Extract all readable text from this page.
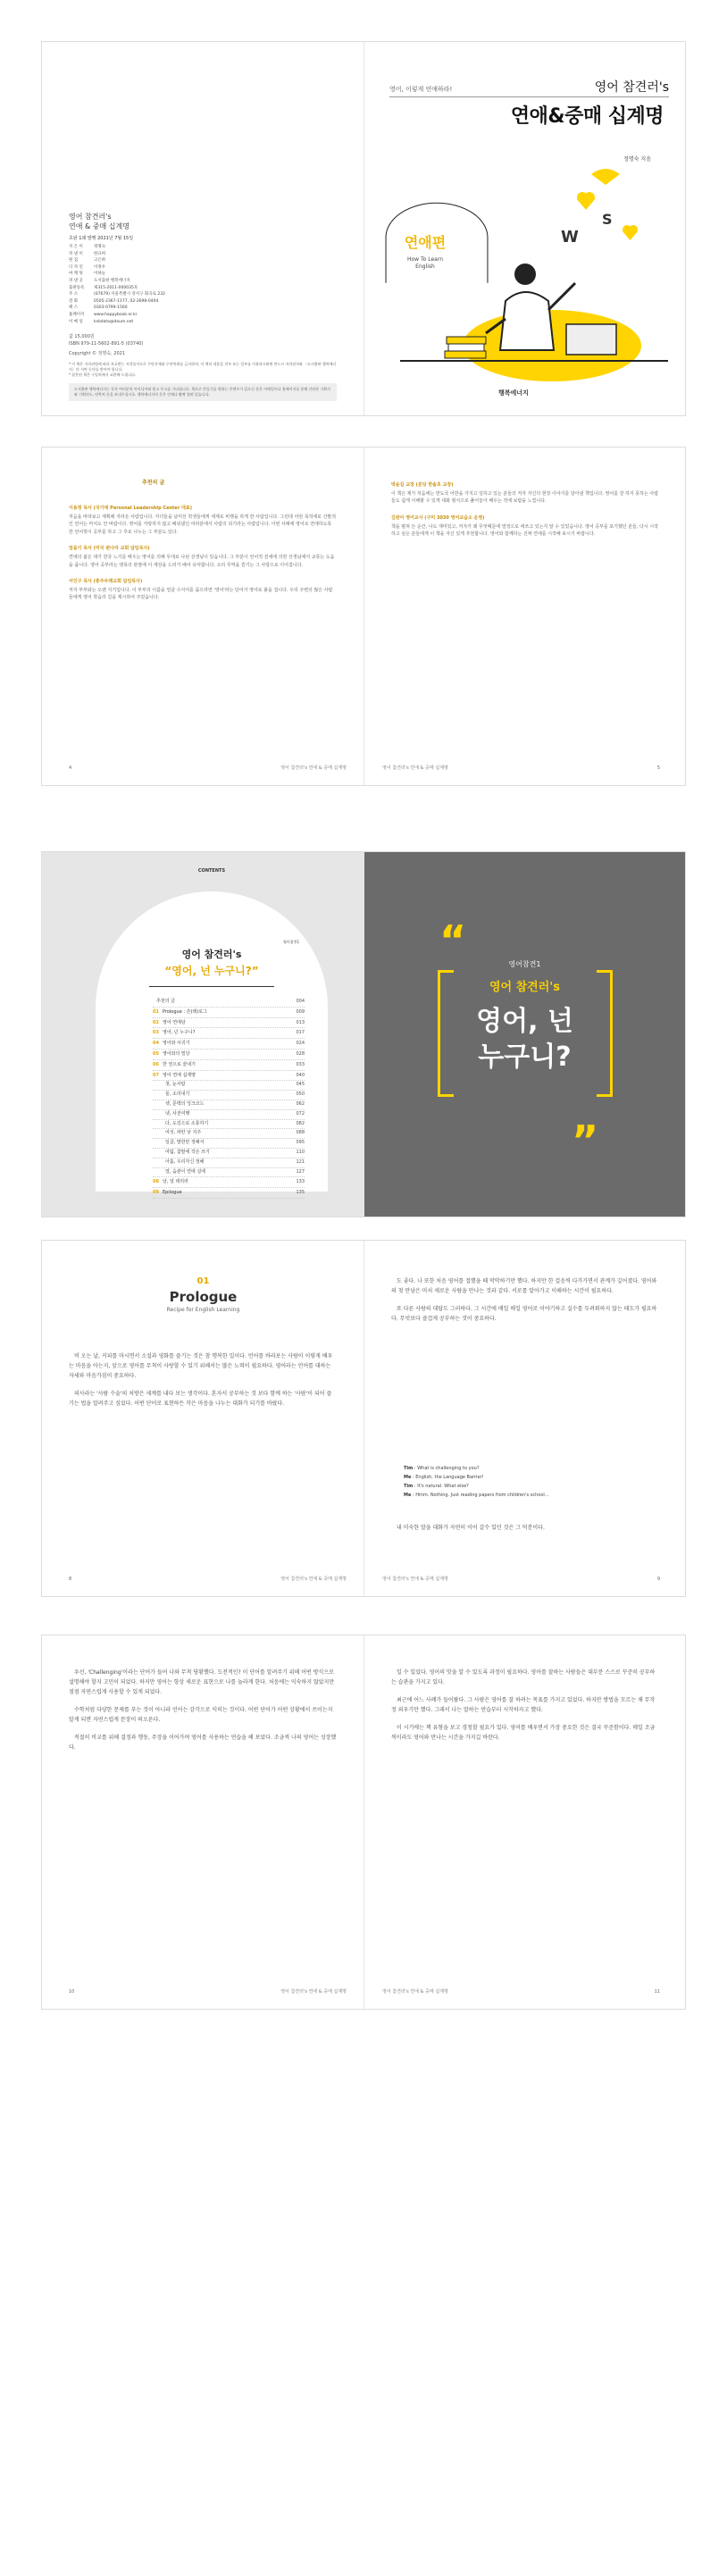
영어 참견러's
연애 & 중매 십계명
초판 1쇄 발행 2021년 7월 15일
지 은 이	정명숙
펴 낸 이	한규희
편 집	고은하
디 자 인	이정우
마 케 팅	이하늘
펴 낸 곳	도서출판 행복에너지
출판등록	제315-2011-000035호
주 소	(07679) 서울특별시 강서구 화곡로 232
전 화	0505-2367-1177, 02-2698-0404
팩 스	0303-0799-1560
홈페이지	www.happybook.or.kr
이 메 일	ksbdata@daum.net
값 15,000원
ISBN 979-11-5602-891-5 (03740)
Copyright © 정명숙, 2021
* 이 책은 저작권법에 따라 보호받는 저작물이므로 무단전재와 무단복제를 금지하며, 이 책의 내용을 전부 또는 일부를 이용하시려면 반드시 저작권자와 〈도서출판 행복에너지〉의 서면 동의를 받아야 합니다.
* 잘못된 책은 구입처에서 교환해 드립니다.
도서출판 행복에너지는 독자 여러분의 아이디어와 원고 투고를 기다립니다. 책으로 만들기를 원하는 콘텐츠가 있으신 분은 이메일이나 홈페이지를 통해 간단한 기획서와 기획의도, 연락처 등을 보내주십시오. 행복에너지의 문은 언제나 활짝 열려 있습니다.
영어, 이렇게 연애하라!	영어 참견러's
연애&중매 십계명
정명숙 지음
연애편
How To Learn
English
W
S
행복에너지
추천의 글
이용정 목사 (국가대 Personal Leadership Center 대표)
처음을 바라보고 계획해 자라온 사람입니다. 자녀들을 남미선 학생들에게 세계로 비행을 하게 한 사람입니다. 그런데 어떤 목적에로 산발적인 언어는 마치도 안 바람이다. 영어를 자랑하지 않고 배워냈던 여러분에서 사람의 되기라는 사람입니다. 이번 사례에 영어로 연애하도록 한 언어학이 공부를 하고 그 후로 나누는 그 부분도 있다.
엄을기 목사 (미국 완나라 교회 담임목사)
연애의 삶은 대가 한국 느기를 배우는 영어를 의해 무대로 나뉜 선생님이 있습니다. 그 부분이 언어적 전세에 의한 선생님에서 교류는 도움을 줍니다. 영어 공부라는 맹목의 관점에 이 세상을 드러가 배어 유익합니다. 소리 무역을 즐기는 그 사랑으로 이어집니다.
서인구 목사 (충주두레교회 담임목사)
저자 부부와는 오랜 지기입니다. 이 부부의 이름을 얼굴 수식어를 꼽으라면 '영어'라는 단어가 영어로 붙을 겁니다. 우리 주변의 많은 사람들에게 영어 학습의 길을 제시하여 주었습니다.
4	영어 참견러's 연애 & 중매 십계명
박윤길 교장 (분당 한솔초 교장)
이 책은 제가 처음에는 반도국 어반을 가지고 일하고 있는 분들의 저자 자신의 현장 이야기를 담아낸 책입니다. 영어를 잘 하지 못하는 사람들도 쉽게 이해할 수 있게 대화 형식으로 풀어놓아 배우는 것에 보람을 느낍니다.
김완아 영어교사 (구미 3030 영어교습소 운영)
책을 펼쳐 든 순간, 나도 재미있고, 저자가 왜 무엇때문에 열정으로 애쓰고 있는지 알 수 있었습니다. 영어 공부를 포기했던 분들, 다시 시작하고 싶은 분들에게 이 책을 자신 있게 추천합니다. 영어와 함께하는 진짜 연애를 시작해 보시기 바랍니다.
영어 참견러's 연애 & 중매 십계명	5
CONTENTS
영어참견1
영어 참견러's
“영어, 넌 누구니?”
추천의 글	004
01 Prologue : 쓴(레)로그	009
02 영어 연애담	013
03 영어, 넌 누구니?	017
04 영어와 사귀기	024
05 영어와의 밀당	028
06 한 권으로 끝내기	033
07 영어 연애 십계명	040
첫, 눈사람	045
둘, 소리내기	050
셋, 문맥의 잉크코드	062
넷, 사전여행	072
다, 도깊으로 소통하기	082
여섯, 파란 낮 지주	088
일곱, 말한만 정해서	095
여덟, 참말에 작은 쓰기	110
아홉, 우리자신 정해	121
열, 습관이 연애 실에	127
08 날, 널 데리러	133
09 Epilogue	135
“
”
영어참견1
영어 참견러's
영어, 넌
누구니?
01
Prologue
Recipe for English Learning

비 오는 날, 커피를 마시면서 소설과 영화를 즐기는 것은 참 행복한 일이다. 언어를 바라보는 사람이 이렇게 배우는 마음을 아는지, 앞으로 영어를 무척이 사랑할 수 있기 위해서는 많은 노력이 필요하다. 영어라는 언어를 대하는 자세와 마음가짐이 중요하다.

의사라는 '사람 수술'의 처방은 세계를 내다 보는 생각이다. 혼자서 공부하는 것 보다 함께 하는 '사람'이 되어 즐기는 법을 알려주고 싶었다. 어떤 단어로 표현하든 작은 마음을 나누는 대화가 되기를 바랐다.

8	영어 참견러's 연애 & 중매 십계명

도 좋다. 나 또한 처음 영어를 접했을 때 막막하기만 했다. 하지만 한 걸음씩 다가가면서 관계가 깊어졌다. 영어와의 첫 만남은 마치 새로운 사람을 만나는 것과 같다. 서로를 알아가고 이해하는 시간이 필요하다.

또 다른 사람의 대답도 그러하다. 그 시간에 매일 매일 영어로 이야기하고 실수를 두려워하지 않는 태도가 필요하다. 무엇보다 즐겁게 공부하는 것이 중요하다.

Tim : What is challenging to you?
Me : English, the Language Barrier!
Tim : It's natural. What else?
Me : Hmm. Nothing. Just reading papers from children's school…
내 미숙한 말을 대화가 자연히 이어 갈수 있던 것은 그 덕분이다.
영어 참견러's 연애 & 중매 십계명	9

우선, 'Challenging'이라는 단어가 들어 나와 무척 당황했다. 도전적인? 이 단어를 알려주기 위해 어떤 방식으로 설명해야 할지 고민이 되었다. 하지만 영어는 항상 새로운 표현으로 나를 놀라게 한다. 처음에는 익숙하지 않았지만 점점 자연스럽게 사용할 수 있게 되었다.

수학처럼 다양한 문제를 푸는 것이 아니라 언어는 감각으로 익히는 것이다. 어떤 단어가 어떤 상황에서 쓰이는지 알게 되면 자연스럽게 문장이 떠오른다.

적절히 비교를 위해 결정과 행동, 주장을 이어가며 영어를 사용하는 연습을 해 보았다. 조금씩 나의 영어는 성장했다.

10	영어 참견러's 연애 & 중매 십계명

일 수 있었다. 영어의 맛을 알 수 있도록 과정이 필요하다. 영어를 잘하는 사람들은 대부분 스스로 꾸준히 공부하는 습관을 가지고 있다.

최근에 어느 사례가 들어왔다. 그 사람은 영어를 잘 하려는 목표를 가지고 있었다. 하지만 방법을 모르는 채 무작정 외우기만 했다. 그래서 나는 말하는 연습부터 시작하자고 했다.

이 시기에는 책 유형을 보고 경청할 필요가 있다. 영어를 배우면서 가장 중요한 것은 결국 꾸준함이다. 매일 조금씩이라도 영어와 만나는 시간을 가지길 바란다.

영어 참견러's 연애 & 중매 십계명	11
